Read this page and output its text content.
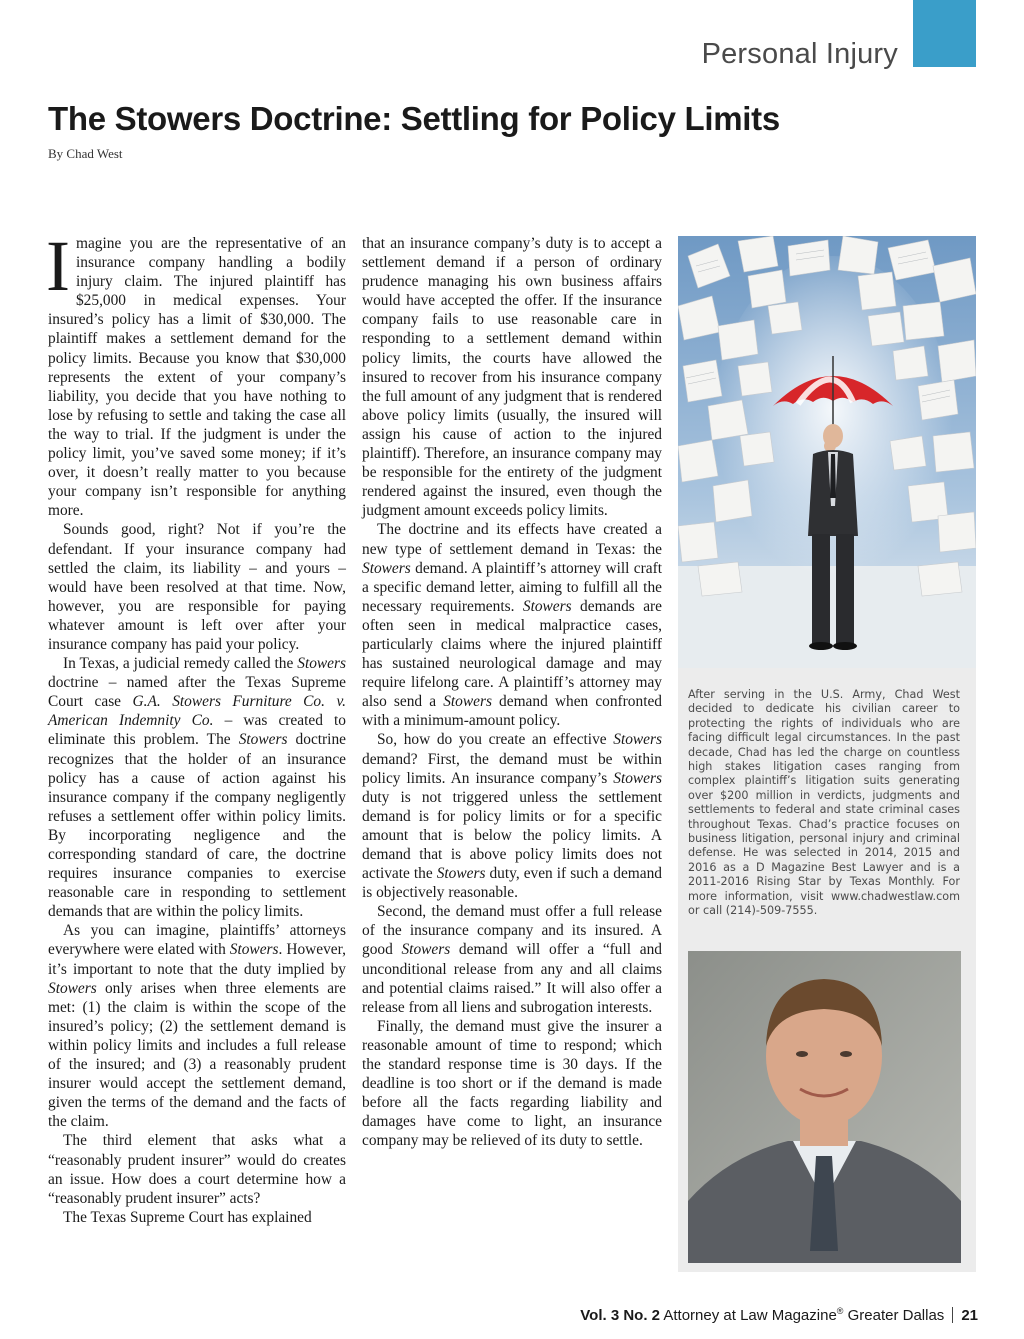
Personal Injury
The Stowers Doctrine: Settling for Policy Limits
By Chad West

Imagine you are the representative of an insurance company handling a bodily injury claim. The injured plaintiff has $25,000 in medical expenses. Your insured’s policy has a limit of $30,000. The plaintiff makes a settlement demand for the policy limits. Because you know that $30,000 represents the extent of your company’s liability, you decide that you have nothing to lose by refusing to settle and taking the case all the way to trial. If the judgment is under the policy limit, you’ve saved some money; if it’s over, it doesn’t really matter to you because your company isn’t responsible for anything more.

Sounds good, right? Not if you’re the defendant. If your insurance company had settled the claim, its liability – and yours – would have been resolved at that time. Now, however, you are responsible for paying whatever amount is left over after your insurance company has paid your policy.

In Texas, a judicial remedy called the Stowers doctrine – named after the Texas Supreme Court case G.A. Stowers Furniture Co. v. American Indemnity Co. – was created to eliminate this problem. The Stowers doctrine recognizes that the holder of an insurance policy has a cause of action against his insurance company if the company negligently refuses a settlement offer within policy limits. By incorporating negligence and the corresponding standard of care, the doctrine requires insurance companies to exercise reasonable care in responding to settlement demands that are within the policy limits.

As you can imagine, plaintiffs’ attorneys everywhere were elated with Stowers. However, it’s important to note that the duty implied by Stowers only arises when three elements are met: (1) the claim is within the scope of the insured’s policy; (2) the settlement demand is within policy limits and includes a full release of the insured; and (3) a reasonably prudent insurer would accept the settlement demand, given the terms of the demand and the facts of the claim.

The third element that asks what a “reasonably prudent insurer” would do creates an issue. How does a court determine how a “reasonably prudent insurer” acts?

The Texas Supreme Court has explained

that an insurance company’s duty is to accept a settlement demand if a person of ordinary prudence managing his own business affairs would have accepted the offer. If the insurance company fails to use reasonable care in responding to a settlement demand within policy limits, the courts have allowed the insured to recover from his insurance company the full amount of any judgment that is rendered above policy limits (usually, the insured will assign his cause of action to the injured plaintiff). Therefore, an insurance company may be responsible for the entirety of the judgment rendered against the insured, even though the judgment amount exceeds policy limits.

The doctrine and its effects have created a new type of settlement demand in Texas: the Stowers demand. A plaintiff’s attorney will craft a specific demand letter, aiming to fulfill all the necessary requirements. Stowers demands are often seen in medical malpractice cases, particularly claims where the injured plaintiff has sustained neurological damage and may require lifelong care. A plaintiff’s attorney may also send a Stowers demand when confronted with a minimum-amount policy.

So, how do you create an effective Stowers demand? First, the demand must be within policy limits. An insurance company’s Stowers duty is not triggered unless the settlement demand is for policy limits or for a specific amount that is below the policy limits. A demand that is above policy limits does not activate the Stowers duty, even if such a demand is objectively reasonable.

Second, the demand must offer a full release of the insurance company and its insured. A good Stowers demand will offer a “full and unconditional release from any and all claims and potential claims raised.” It will also offer a release from all liens and subrogation interests.

Finally, the demand must give the insurer a reasonable amount of time to respond; which the standard response time is 30 days. If the deadline is too short or if the demand is made before all the facts regarding liability and damages have come to light, an insurance company may be relieved of its duty to settle.

After serving in the U.S. Army, Chad West decided to dedicate his civilian career to protecting the rights of individuals who are facing difficult legal circumstances. In the past decade, Chad has led the charge on countless high stakes litigation cases ranging from complex plaintiff’s litigation suits generating over $200 million in verdicts, judgments and settlements to federal and state criminal cases throughout Texas. Chad’s practice focuses on business litigation, personal injury and criminal defense. He was selected in 2014, 2015 and 2016 as a D Magazine Best Lawyer and is a 2011-2016 Rising Star by Texas Monthly. For more information, visit www.chadwestlaw.com or call (214)-509-7555.

Vol. 3 No. 2 Attorney at Law Magazine® Greater Dallas 21
